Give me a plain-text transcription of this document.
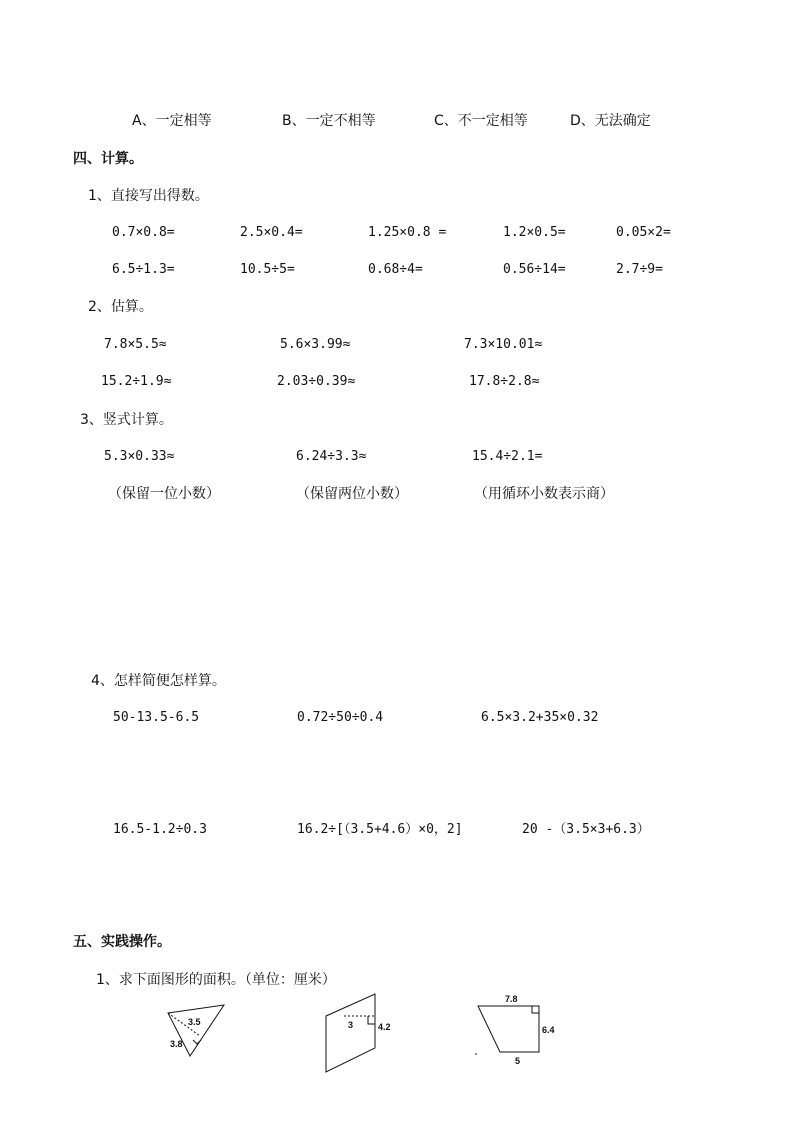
A、一定相等	B、一定不相等	C、不一定相等	D、无法确定
四、计算。
1、直接写出得数。
0.7×0.8=	2.5×0.4=	1.25×0.8 =	1.2×0.5=	0.05×2=
6.5÷1.3=	10.5÷5=	0.68÷4=	0.56÷14=	2.7÷9=
2、估算。
7.8×5.5≈	5.6×3.99≈	7.3×10.01≈
15.2÷1.9≈	2.03÷0.39≈	17.8÷2.8≈
3、竖式计算。
5.3×0.33≈	6.24÷3.3≈	15.4÷2.1=
（保留一位小数）	（保留两位小数）	（用循环小数表示商）
4、怎样简便怎样算。
50-13.5-6.5	0.72÷50÷0.4	6.5×3.2+35×0.32
16.5-1.2÷0.3	16.2÷[（3.5+4.6）×0，2]	20 -（3.5×3+6.3）
五、实践操作。
1、求下面图形的面积。（单位：厘米）
3.5
3.8
3	4.2
7.8
6.4
5
